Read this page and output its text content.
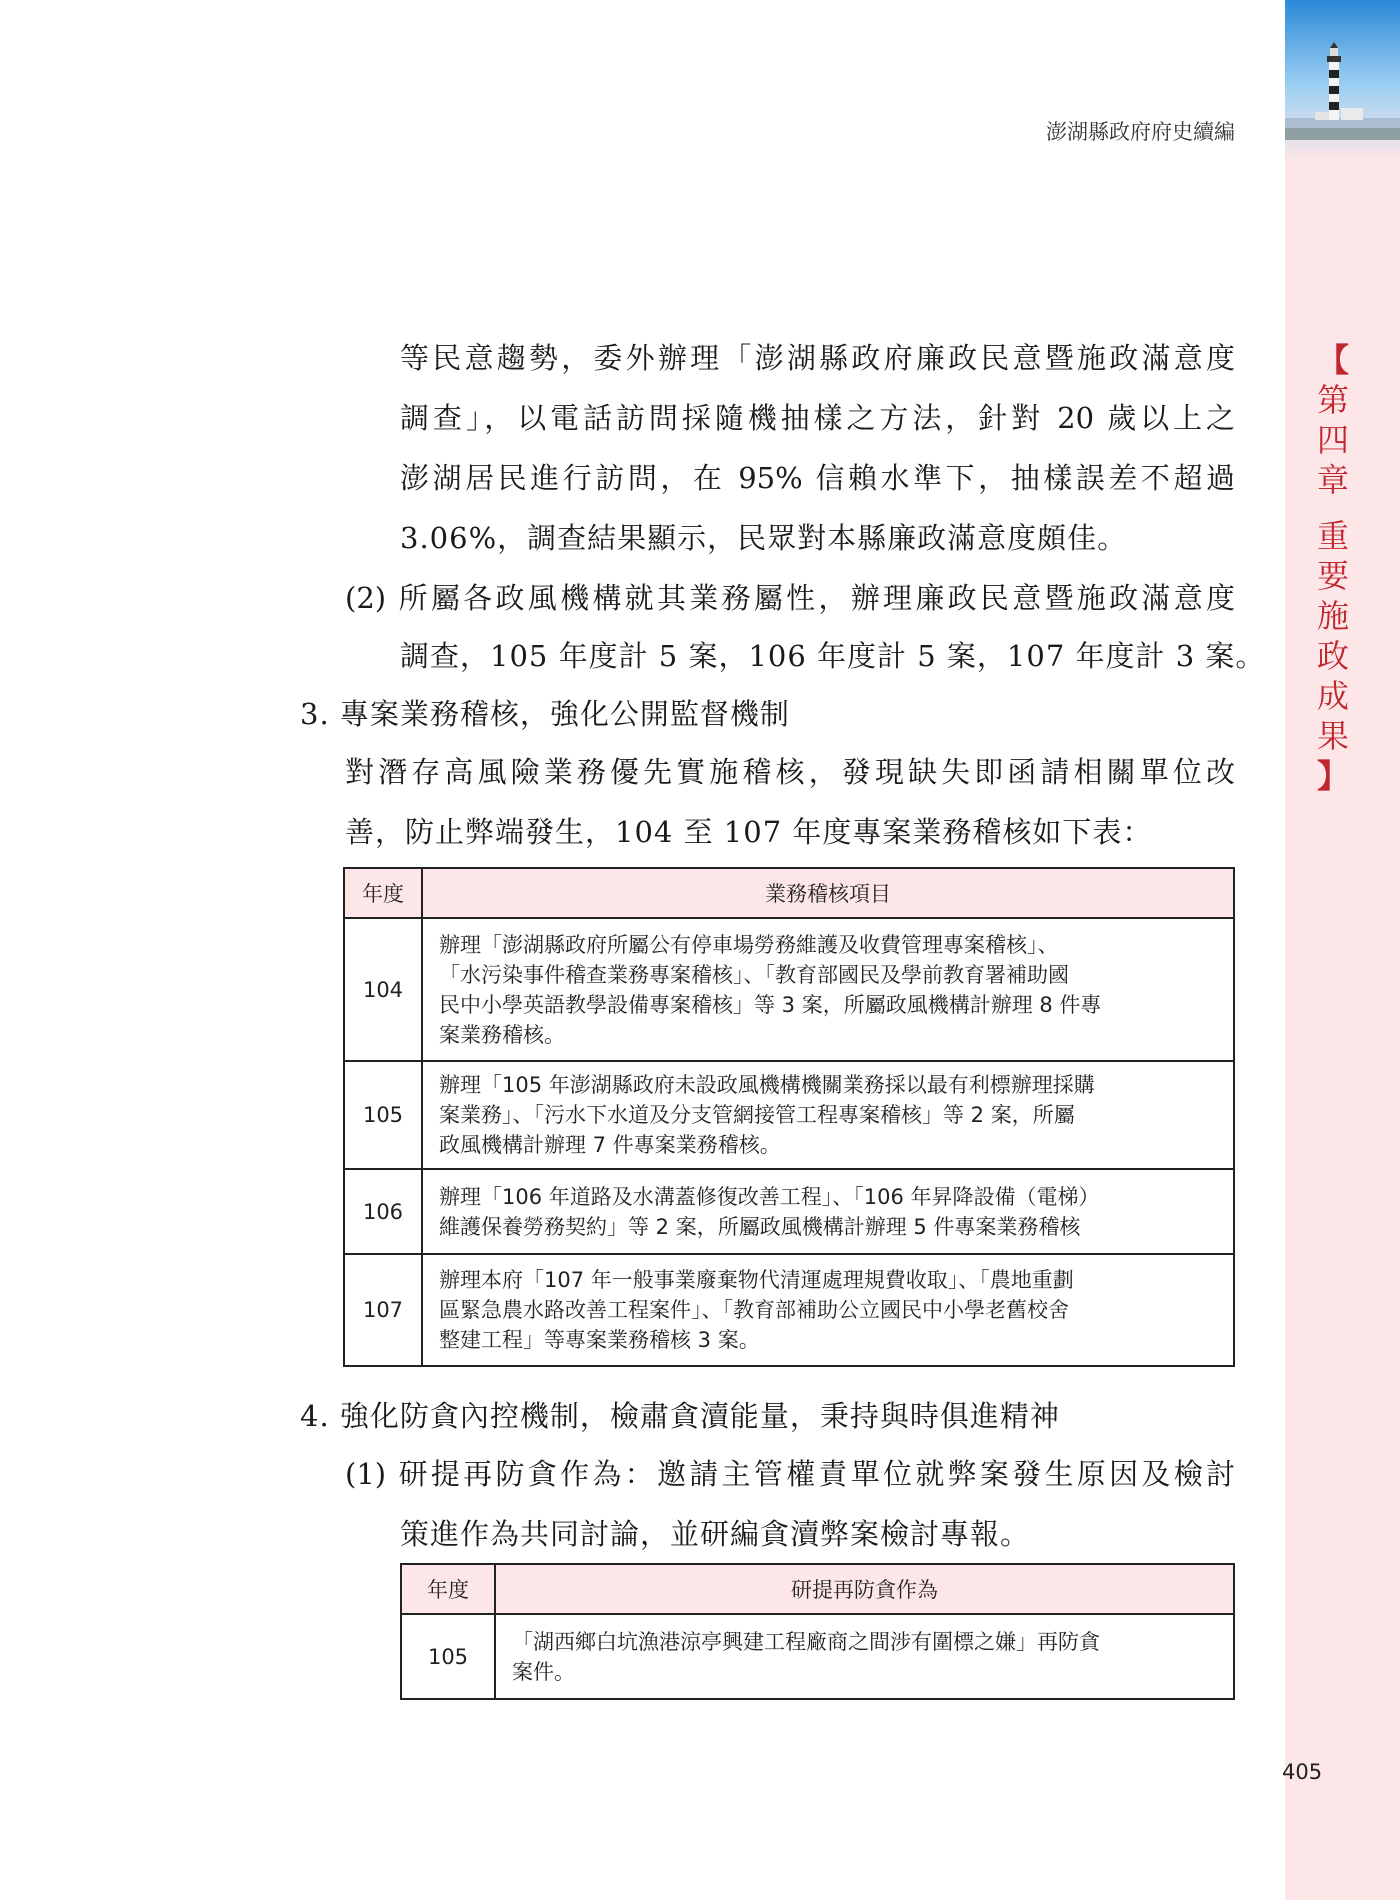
【
第
四
章
重
要
施
政
成
果
】
澎湖縣政府府史續編
等民意趨勢，委外辦理「澎湖縣政府廉政民意暨施政滿意度
調查」，以電話訪問採隨機抽樣之方法，針對 20 歲以上之
澎湖居民進行訪問，在 95% 信賴水準下，抽樣誤差不超過
3.06%，調查結果顯示，民眾對本縣廉政滿意度頗佳。
(2) 所屬各政風機構就其業務屬性，辦理廉政民意暨施政滿意度
調查，105 年度計 5 案，106 年度計 5 案，107 年度計 3 案。
3. 專案業務稽核，強化公開監督機制
對潛存高風險業務優先實施稽核，發現缺失即函請相關單位改
善，防止弊端發生，104 至 107 年度專案業務稽核如下表：
年度	業務稽核項目
104	辦理「澎湖縣政府所屬公有停車場勞務維護及收費管理專案稽核」、
「水污染事件稽查業務專案稽核」、「教育部國民及學前教育署補助國
民中小學英語教學設備專案稽核」等 3 案，所屬政風機構計辦理 8 件專
案業務稽核。

105	辦理「105 年澎湖縣政府未設政風機構機關業務採以最有利標辦理採購
案業務」、「污水下水道及分支管網接管工程專案稽核」等 2 案，所屬
政風機構計辦理 7 件專案業務稽核。

106	辦理「106 年道路及水溝蓋修復改善工程」、「106 年昇降設備（電梯）
維護保養勞務契約」等 2 案，所屬政風機構計辦理 5 件專案業務稽核

107	辦理本府「107 年一般事業廢棄物代清運處理規費收取」、「農地重劃
區緊急農水路改善工程案件」、「教育部補助公立國民中小學老舊校舍
整建工程」等專案業務稽核 3 案。
4. 強化防貪內控機制，檢肅貪瀆能量，秉持與時俱進精神
(1) 研提再防貪作為：邀請主管權責單位就弊案發生原因及檢討
策進作為共同討論，並研編貪瀆弊案檢討專報。
年度	研提再防貪作為
105	「湖西鄉白坑漁港涼亭興建工程廠商之間涉有圍標之嫌」再防貪
案件。
405
